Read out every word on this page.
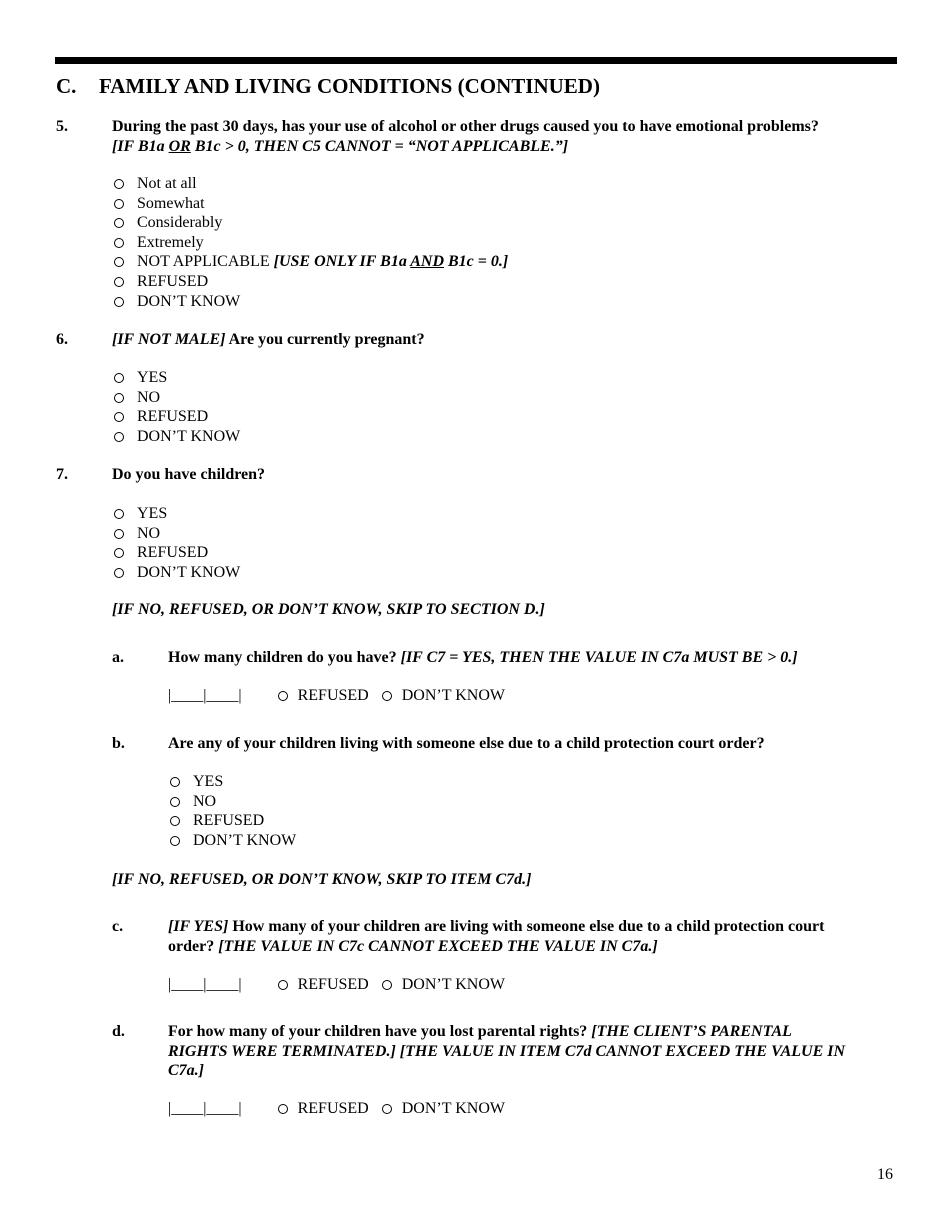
C. FAMILY AND LIVING CONDITIONS (CONTINUED)
5.	During the past 30 days, has your use of alcohol or other drugs caused you to have emotional problems?
[IF B1a OR B1c > 0, THEN C5 CANNOT = “NOT APPLICABLE.”]
6.	[IF NOT MALE] Are you currently pregnant?
7.	Do you have children?
[IF NO, REFUSED, OR DON’T KNOW, SKIP TO SECTION D.]
a.	How many children do you have? [IF C7 = YES, THEN THE VALUE IN C7a MUST BE > 0.]
|____|____|	REFUSED DON’T KNOW
b.	Are any of your children living with someone else due to a child protection court order?
[IF NO, REFUSED, OR DON’T KNOW, SKIP TO ITEM C7d.]
c.	[IF YES] How many of your children are living with someone else due to a child protection court
order? [THE VALUE IN C7c CANNOT EXCEED THE VALUE IN C7a.]
|____|____|	REFUSED DON’T KNOW
d.	For how many of your children have you lost parental rights? [THE CLIENT’S PARENTAL
RIGHTS WERE TERMINATED.] [THE VALUE IN ITEM C7d CANNOT EXCEED THE VALUE IN
C7a.]
|____|____|	REFUSED DON’T KNOW
16
Not at all
Somewhat
Considerably
Extremely
NOT APPLICABLE
[USE ONLY IF B1a AND B1c = 0.]
REFUSED
DON’T KNOW
YES
NO
REFUSED
DON’T KNOW
YES
NO
REFUSED
DON’T KNOW
YES
NO
REFUSED
DON’T KNOW
